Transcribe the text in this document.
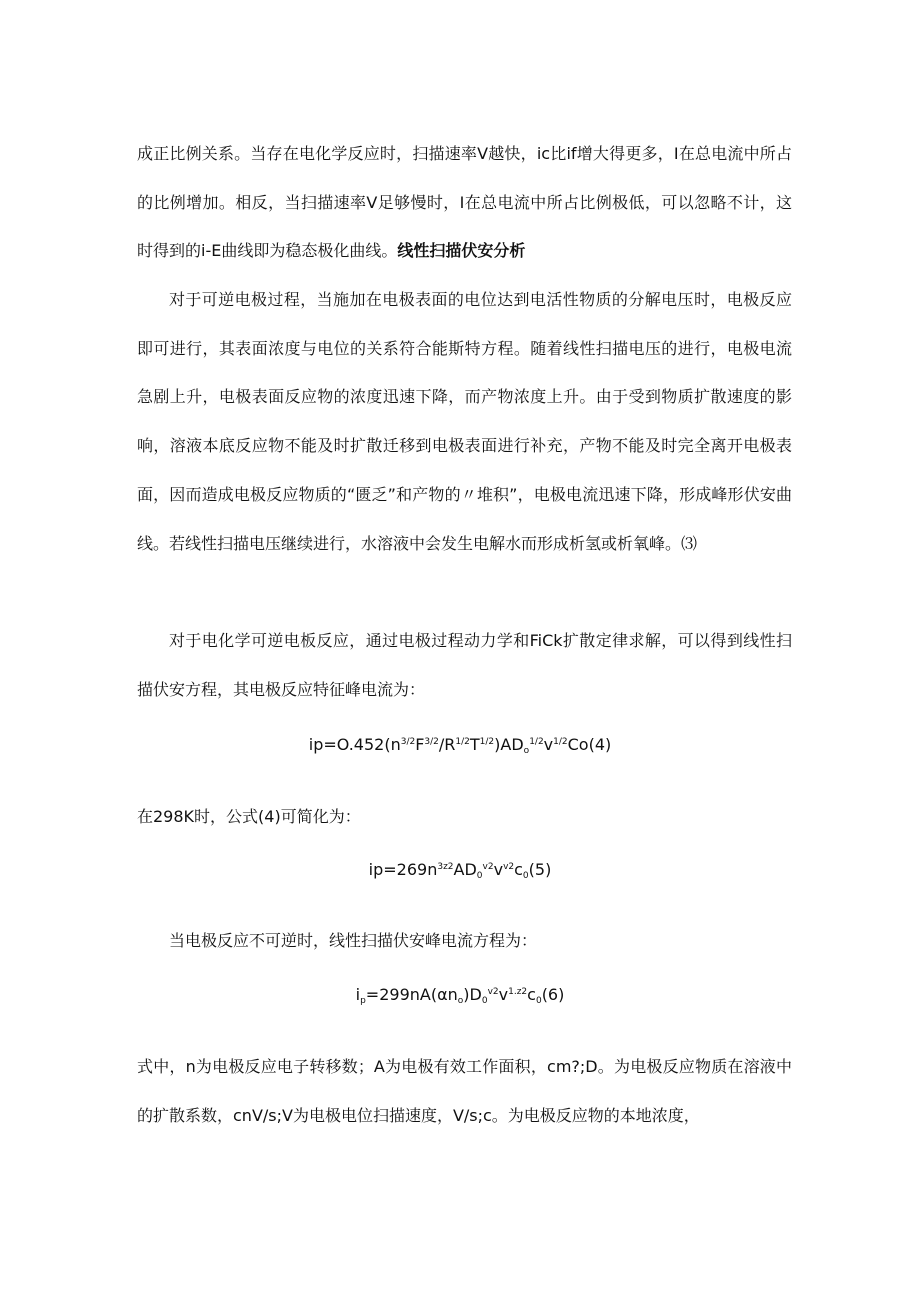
成正比例关系。当存在电化学反应时，扫描速率V越快，ic比if增大得更多，I在总电流中所占的比例增加。相反，当扫描速率V足够慢时，I在总电流中所占比例极低，可以忽略不计，这时得到的i-E曲线即为稳态极化曲线。线性扫描伏安分析

对于可逆电极过程，当施加在电极表面的电位达到电活性物质的分解电压时，电极反应即可进行，其表面浓度与电位的关系符合能斯特方程。随着线性扫描电压的进行，电极电流急剧上升，电极表面反应物的浓度迅速下降，而产物浓度上升。由于受到物质扩散速度的影响，溶液本底反应物不能及时扩散迁移到电极表面进行补充，产物不能及时完全离开电极表面，因而造成电极反应物质的“匮乏”和产物的〃堆积”，电极电流迅速下降，形成峰形伏安曲线。若线性扫描电压继续进行，水溶液中会发生电解水而形成析氢或析氧峰。⑶

对于电化学可逆电板反应，通过电极过程动力学和FiCk扩散定律求解，可以得到线性扫描伏安方程，其电极反应特征峰电流为：

$ip=O.452(n^{3/2}F^{3/2}/R^{1/2}T^{1/2})AD_o^{1/2}v^{1/2}Co(4)$

在298K时，公式(4)可简化为：

$ip=269n^{3z2}AD_0^{v2}v^{v2}c_0(5)$

当电极反应不可逆时，线性扫描伏安峰电流方程为：

$i_p=299nA(\alpha n_o)D_0^{v2}v^{1.z2}c_0(6)$

式中，n为电极反应电子转移数；A为电极有效工作面积，cm?;D。为电极反应物质在溶液中的扩散系数，cnV/s;V为电极电位扫描速度，V/s;c。为电极反应物的本地浓度，
